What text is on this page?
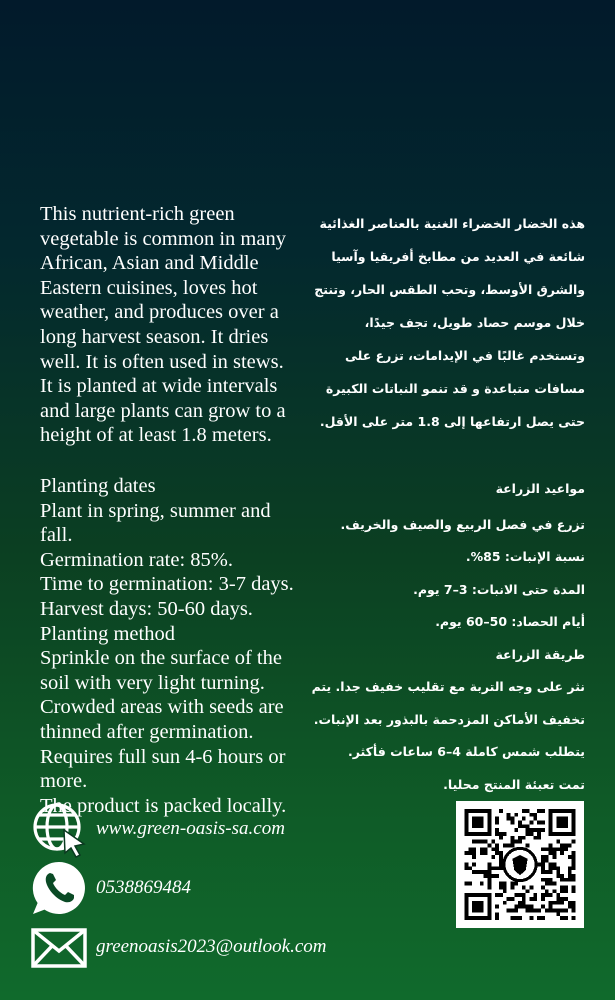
This nutrient-rich green

vegetable is common in many

African, Asian and Middle

Eastern cuisines, loves hot

weather, and produces over a

long harvest season. It dries

well. It is often used in stews.

It is planted at wide intervals

and large plants can grow to a

height of at least 1.8 meters.

Planting dates

Plant in spring, summer and fall.

Germination rate: 85%.

Time to germination: 3-7 days.

Harvest days: 50-60 days.

Planting method

Sprinkle on the surface of the

soil with very light turning.

Crowded areas with seeds are

thinned after germination.

Requires full sun 4-6 hours or

more.

The product is packed locally.

هذه الخضار الخضراء الغنية بالعناصر الغذائية

شائعة في العديد من مطابخ أفريقيا وآسيا

والشرق الأوسط، وتحب الطقس الحار، وتنتج

خلال موسم حصاد طويل، تجف جيدًا،

وتستخدم غالبًا في الإيدامات، تزرع على

مسافات متباعدة و قد تنمو النباتات الكبيرة

حتى يصل ارتفاعها إلى 1.8 متر على الأقل.

مواعيد الزراعة

تزرع في فصل الربيع والصيف والخريف.

نسبة الإنبات: 85%.

المدة حتى الانبات: 3–7 يوم.

أيام الحصاد: 50–60 يوم.

طريقة الزراعة

نثر على وجه التربة مع تقليب خفيف جدا. يتم

تخفيف الأماكن المزدحمة بالبذور بعد الإنبات.

يتطلب شمس كاملة 4–6 ساعات فأكثر.

تمت تعبئة المنتج محليا.

www.green-oasis-sa.com
0538869484
greenoasis2023@outlook.com
